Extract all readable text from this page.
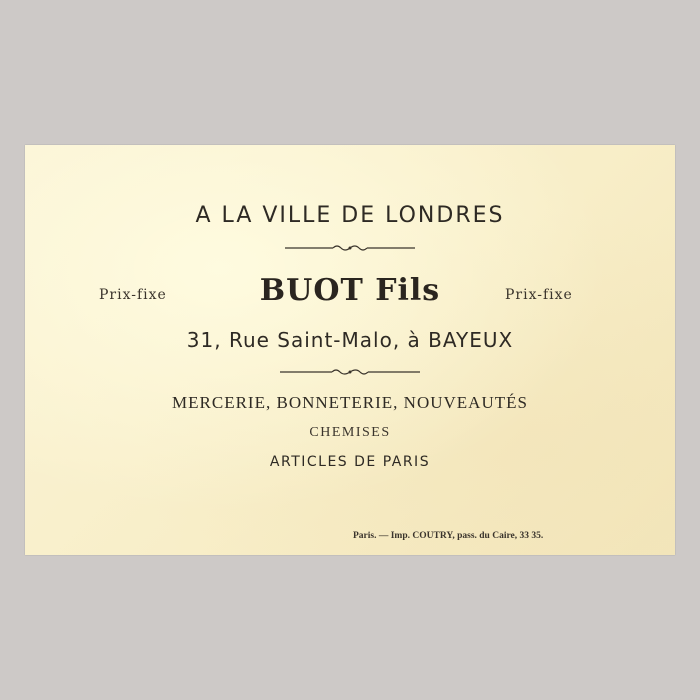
A LA VILLE DE LONDRES
Prix-fixe	BUOT Fils	Prix-fixe
31, Rue Saint-Malo, à BAYEUX
MERCERIE, BONNETERIE, NOUVEAUTÉS
CHEMISES
ARTICLES DE PARIS
Paris. — Imp. COUTRY, pass. du Caire, 33 35.
